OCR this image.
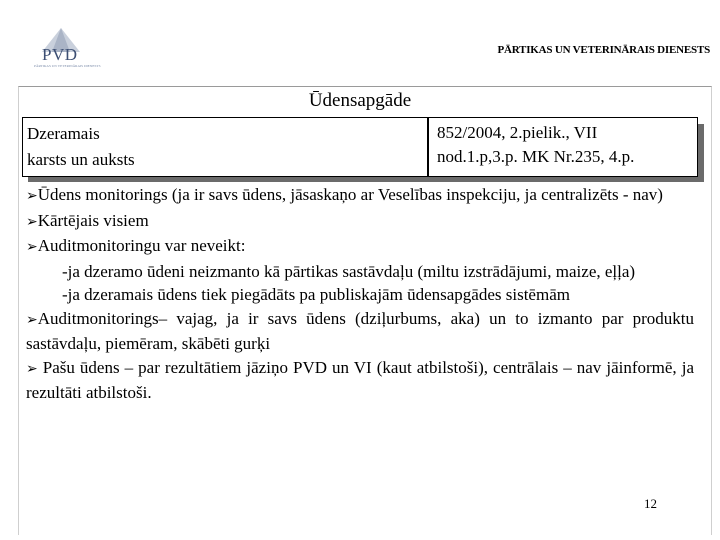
PVD
PĀRTIKAS UN VETERINĀRAIS DIENESTS
PĀRTIKAS UN VETERINĀRAIS DIENESTS
Ūdensapgāde
Dzeramais
karsts un auksts
852/2004, 2.pielik., VII
nod.1.p,3.p. MK Nr.235, 4.p.

➢Ūdens monitorings (ja ir savs ūdens, jāsaskaņo ar Veselības inspekciju, ja centralizēts - nav)

➢Kārtējais visiem

➢Auditmonitoringu var neveikt:

-ja dzeramo ūdeni neizmanto kā pārtikas sastāvdaļu (miltu izstrādājumi, maize, eļļa)

-ja dzeramais ūdens tiek piegādāts pa publiskajām ūdensapgādes sistēmām

➢Auditmonitorings– vajag, ja ir savs ūdens (dziļurbums, aka) un to izmanto par produktu sastāvdaļu, piemēram, skābēti gurķi

➢ Pašu ūdens – par rezultātiem jāziņo PVD un VI (kaut atbilstoši), centrālais – nav jāinformē, ja rezultāti atbilstoši.

12
